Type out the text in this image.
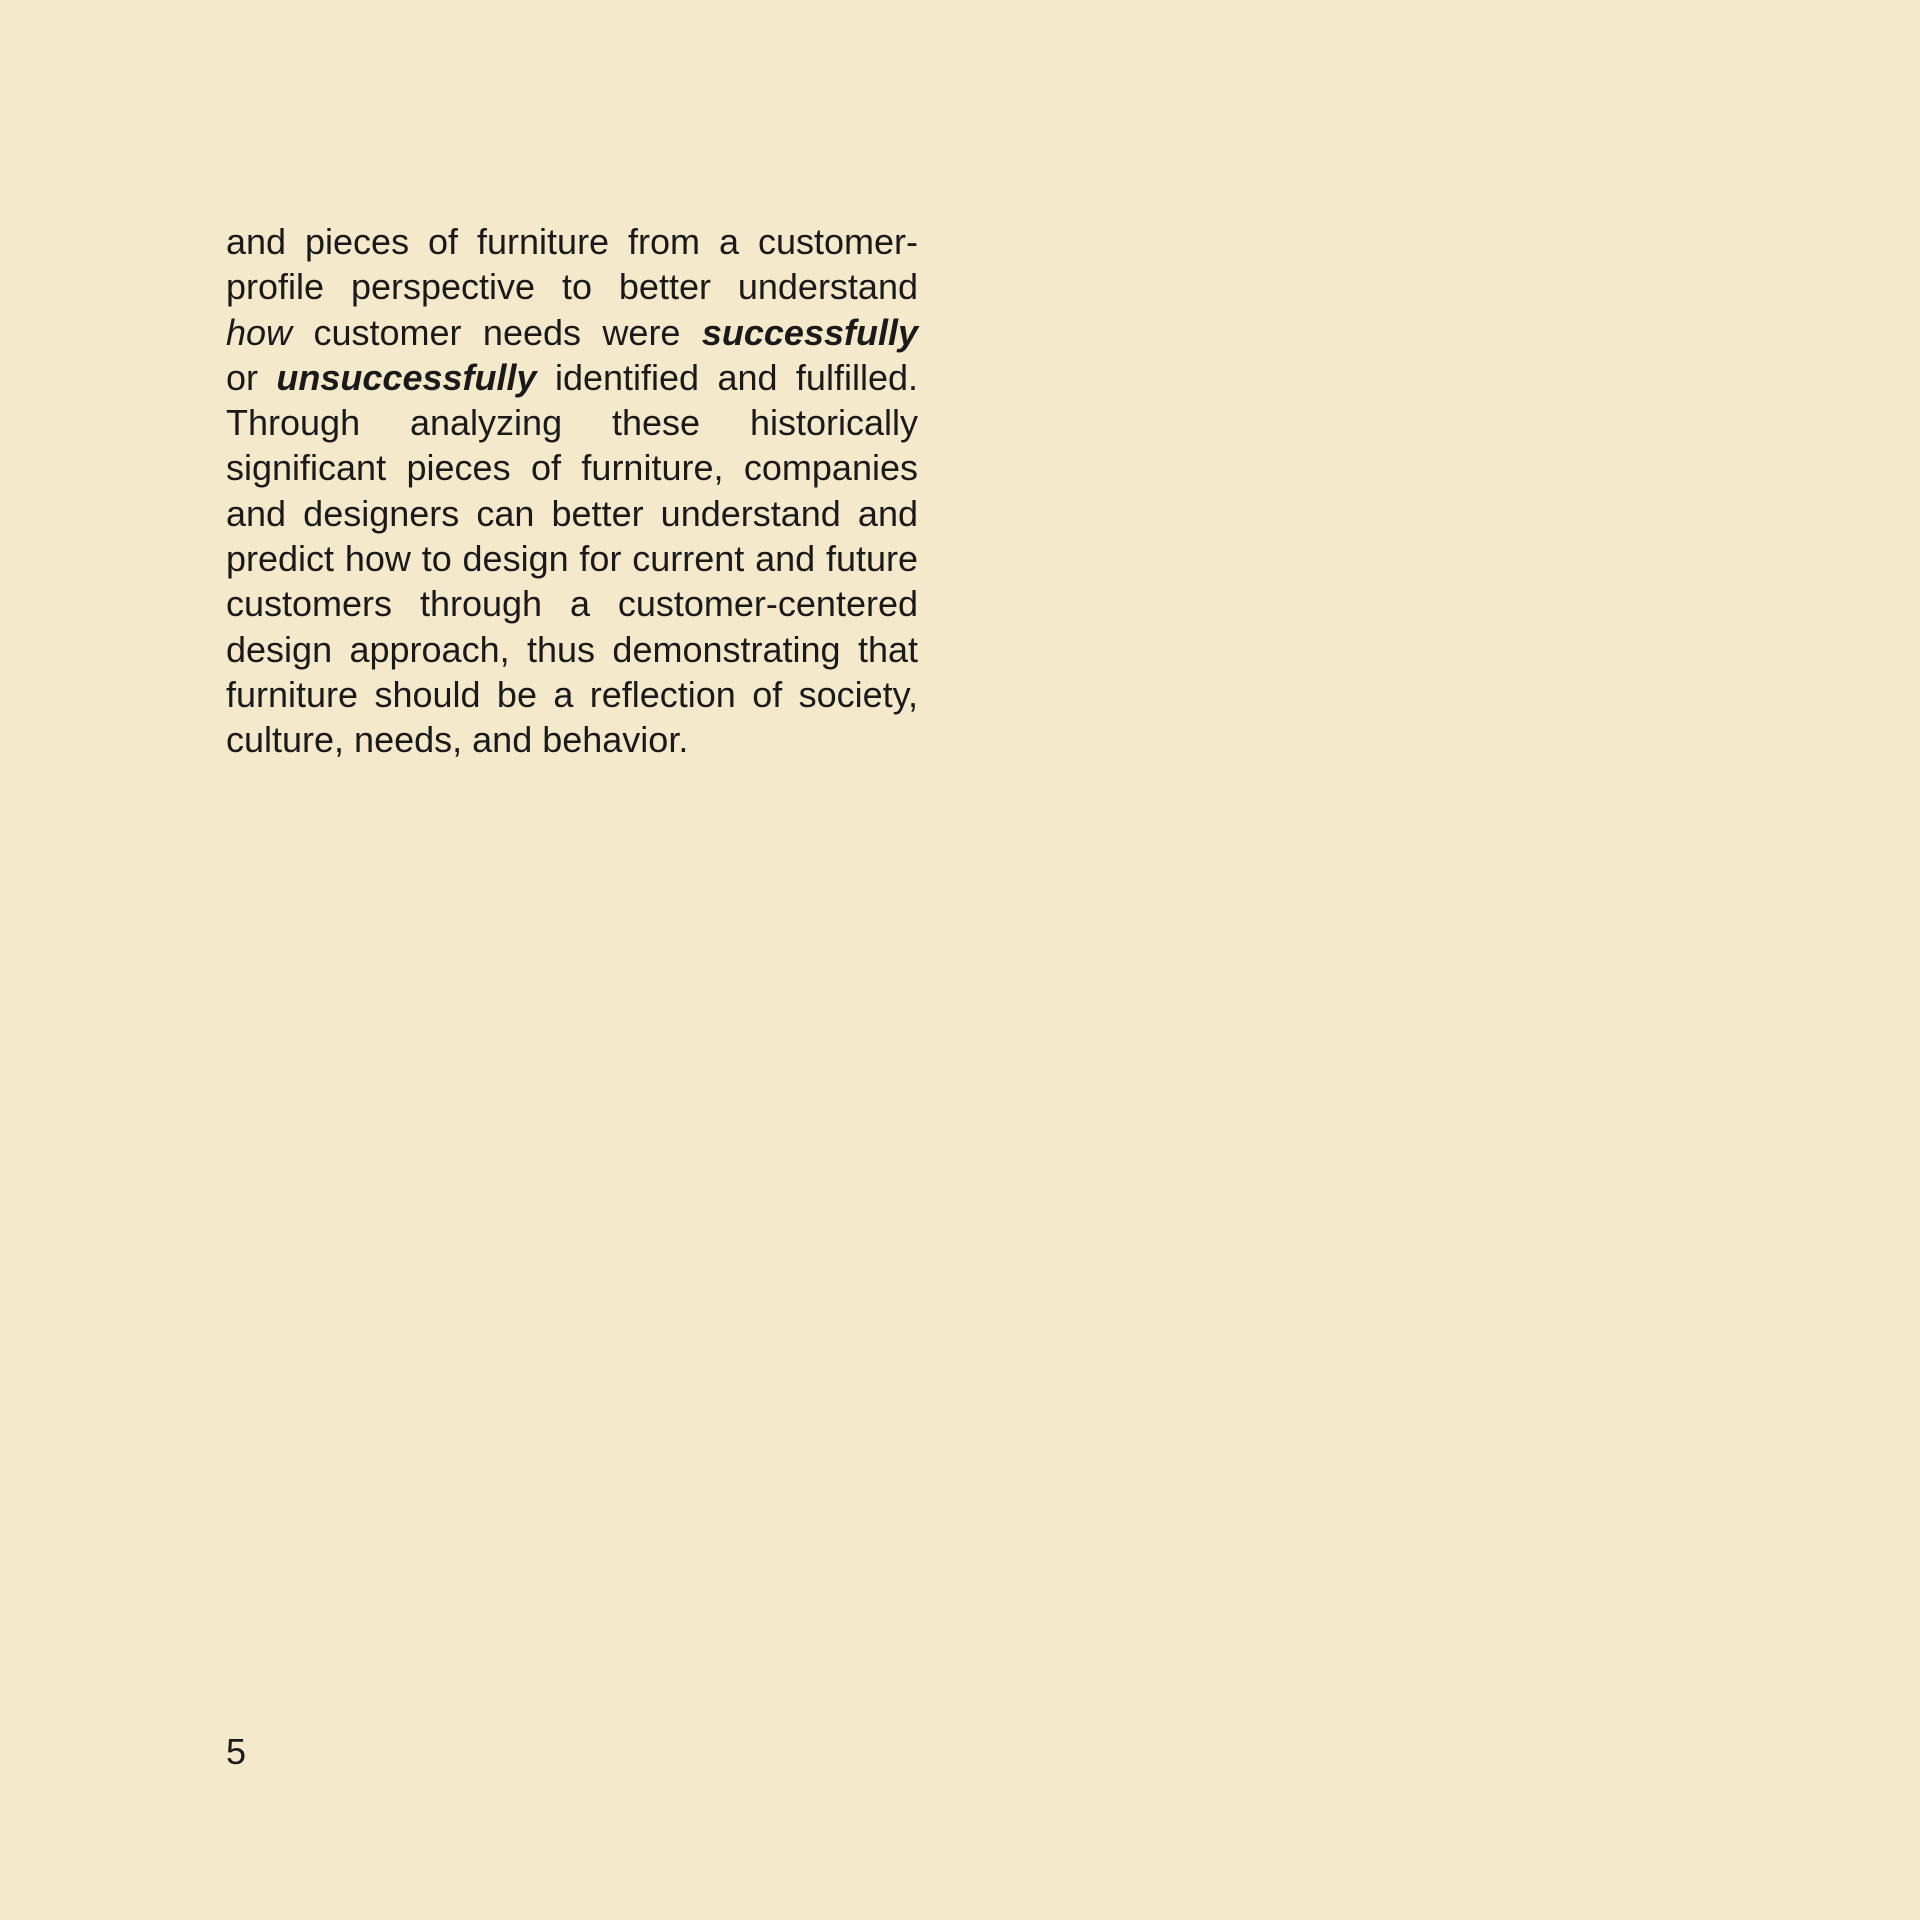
and pieces of furniture from a customer-
profile perspective to better understand
how customer needs were successfully
or unsuccessfully identified and fulfilled.
Through analyzing these historically
significant pieces of furniture, companies
and designers can better understand and
predict how to design for current and future
customers through a customer-centered
design approach, thus demonstrating that
furniture should be a reflection of society,
culture, needs, and behavior.
5
